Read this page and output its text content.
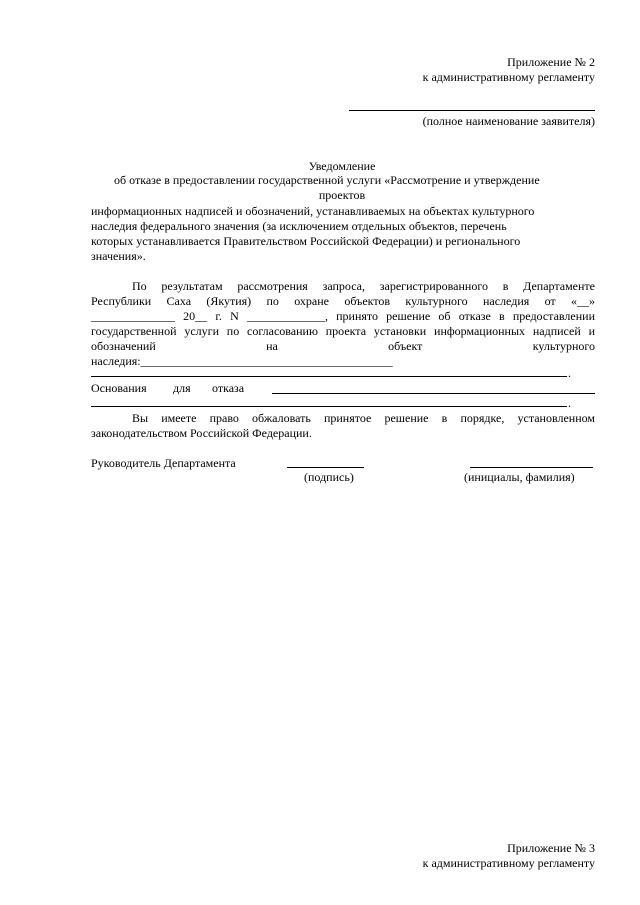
Приложение № 2
к административному регламенту
(полное наименование заявителя)
Уведомление
об отказе в предоставлении государственной услуги «Рассмотрение и утверждение
проектов
информационных надписей и обозначений, устанавливаемых на объектах культурного
наследия федерального значения (за исключением отдельных объектов, перечень
которых устанавливается Правительством Российской Федерации) и регионального
значения».
По результатам рассмотрения запроса, зарегистрированного в Департаменте
Республики Саха (Якутия) по охране объектов культурного наследия от «__»
______________ 20__ г. N _____________, принято решение об отказе в предоставлении
государственной услуги по согласованию проекта установки информационных надписей и
обозначений на объект культурного
наследия:__________________________________________
.
Основания для отказа
.
Вы имеете право обжаловать принятое решение в порядке, установленном
законодательством Российской Федерации.
Руководитель Департамента
(подпись)	(инициалы, фамилия)
Приложение № 3
к административному регламенту
